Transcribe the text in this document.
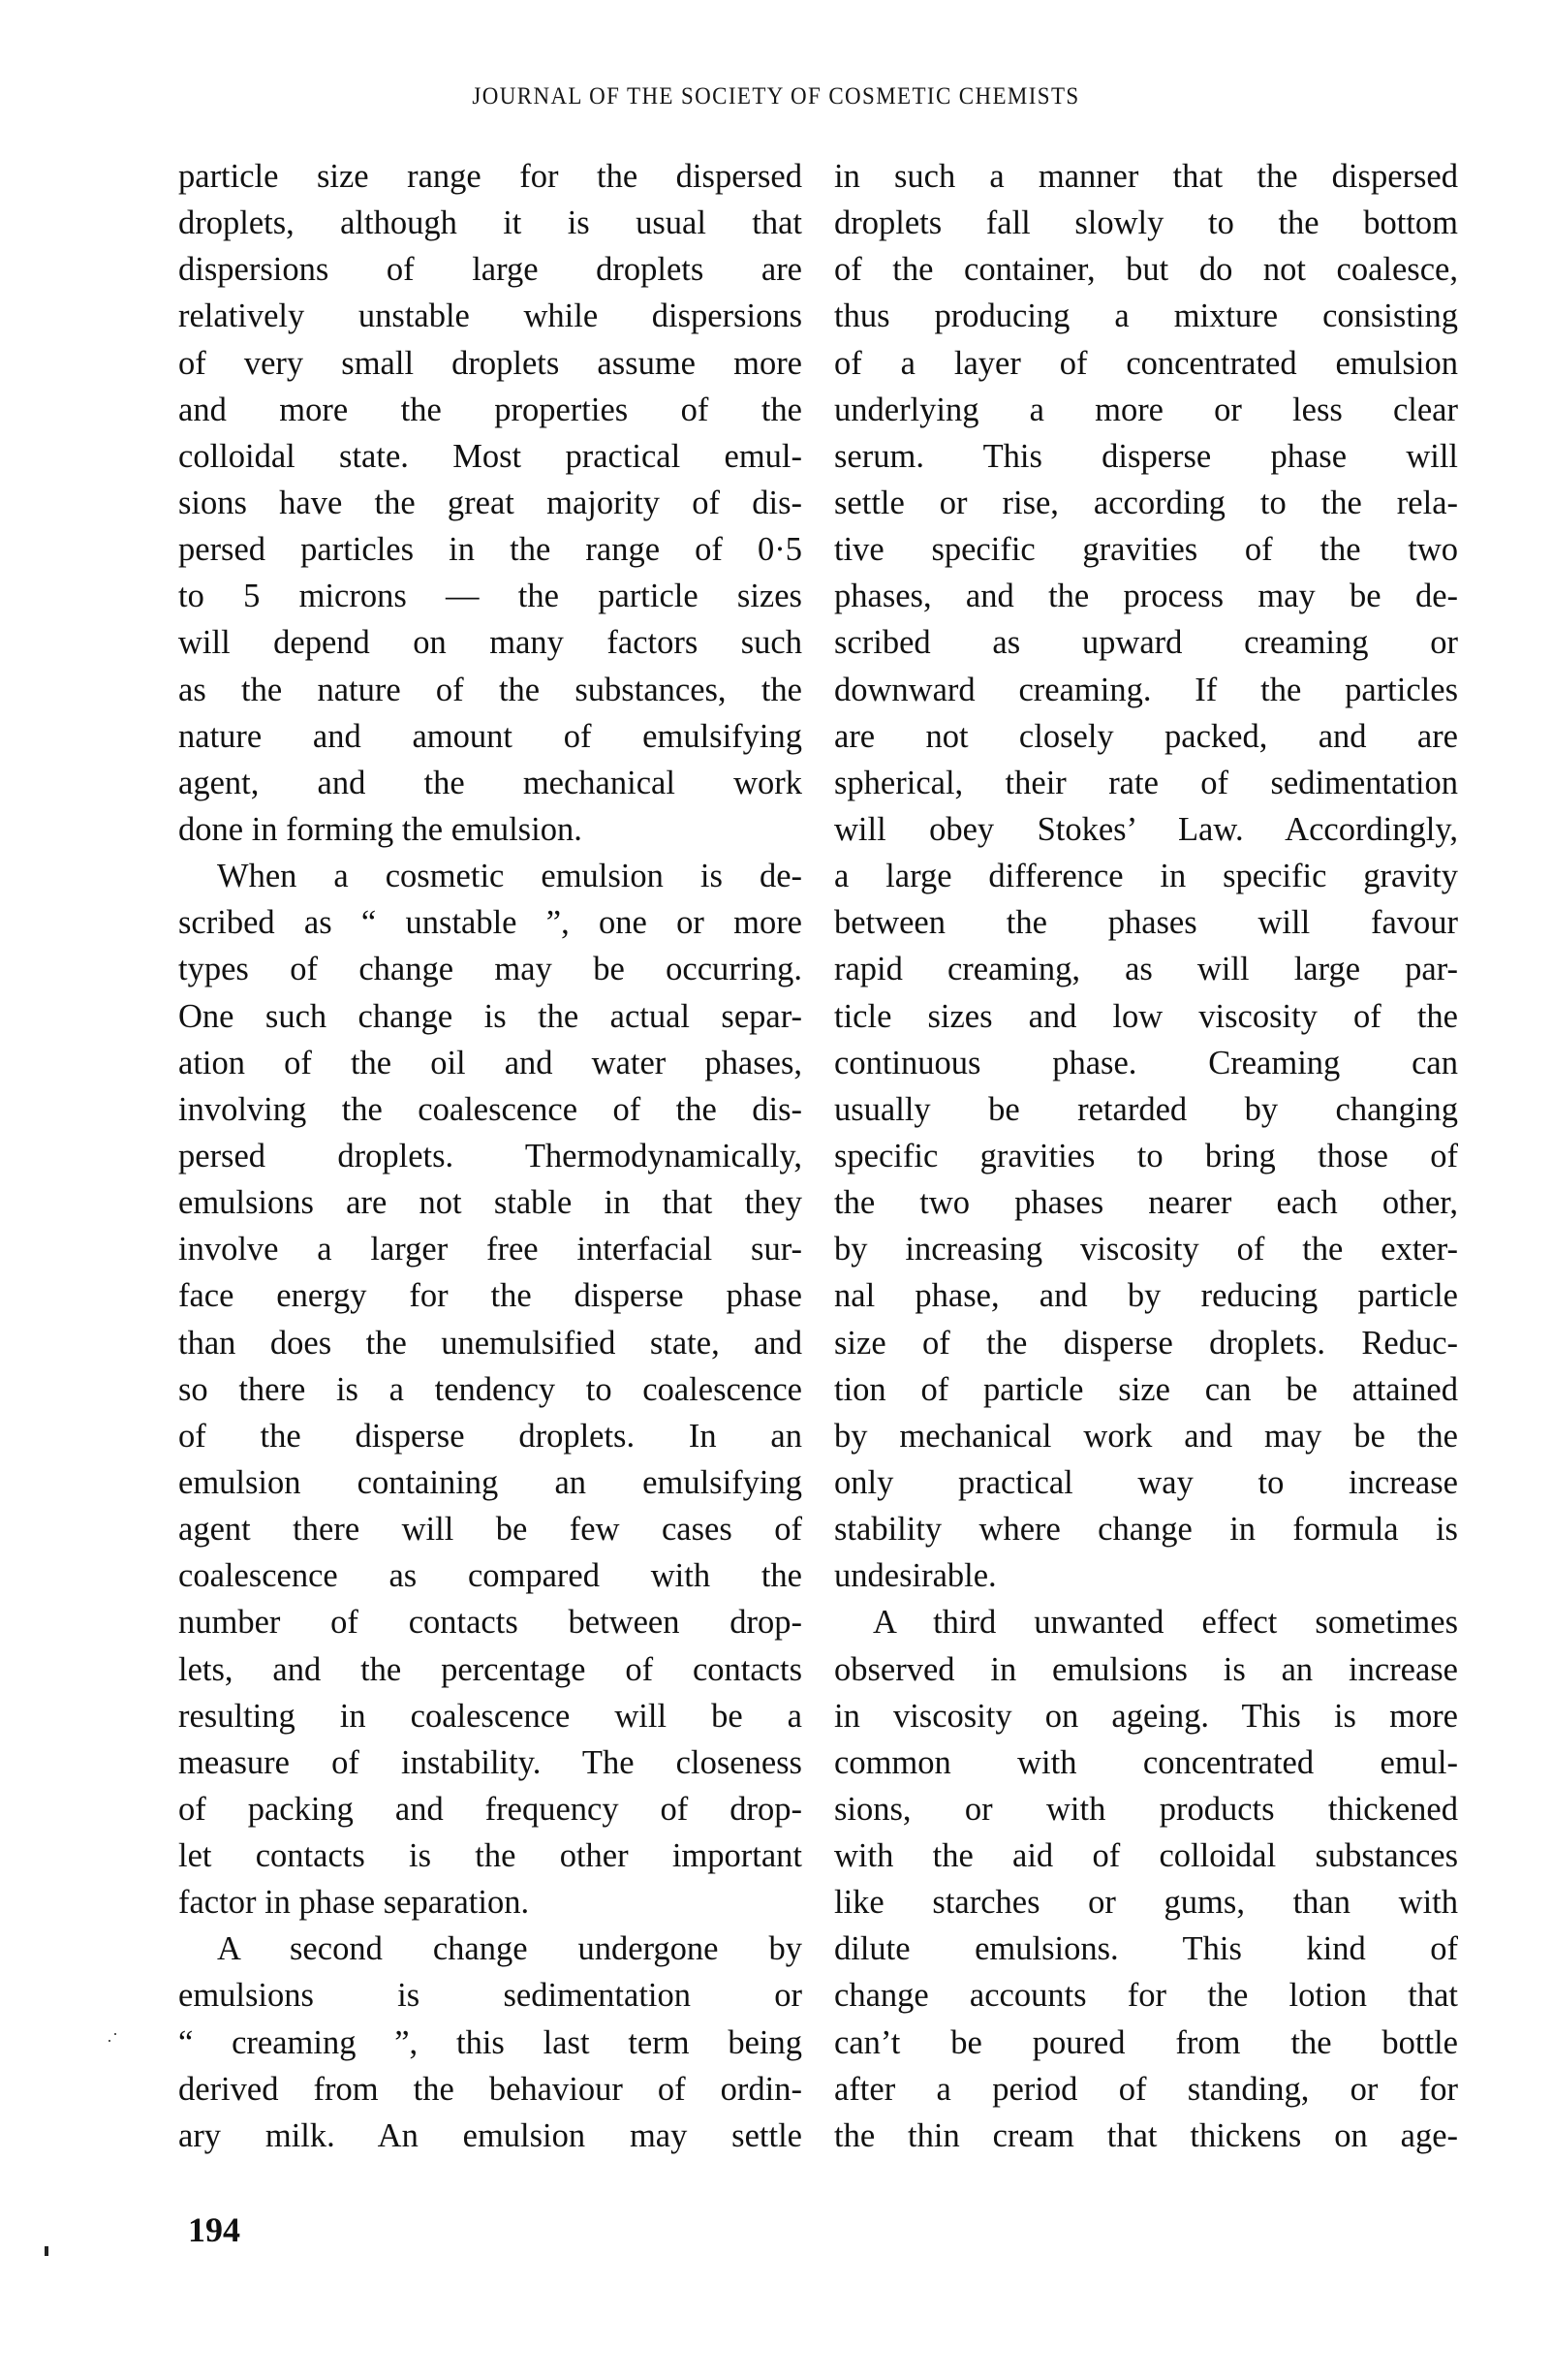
JOURNAL OF THE SOCIETY OF COSMETIC CHEMISTS
particle size range for the dispersed
droplets, although it is usual that
dispersions of large droplets are
relatively unstable while dispersions
of very small droplets assume more
and more the properties of the
colloidal state. Most practical emul-
sions have the great majority of dis-
persed particles in the range of 0·5
to 5 microns — the particle sizes
will depend on many factors such
as the nature of the substances, the
nature and amount of emulsifying
agent, and the mechanical work
done in forming the emulsion.
When a cosmetic emulsion is de-
scribed as “ unstable ”, one or more
types of change may be occurring.
One such change is the actual separ-
ation of the oil and water phases,
involving the coalescence of the dis-
persed droplets. Thermodynamically,
emulsions are not stable in that they
involve a larger free interfacial sur-
face energy for the disperse phase
than does the unemulsified state, and
so there is a tendency to coalescence
of the disperse droplets. In an
emulsion containing an emulsifying
agent there will be few cases of
coalescence as compared with the
number of contacts between drop-
lets, and the percentage of contacts
resulting in coalescence will be a
measure of instability. The closeness
of packing and frequency of drop-
let contacts is the other important
factor in phase separation.
A second change undergone by
emulsions is sedimentation or
“ creaming ”, this last term being
derived from the behaviour of ordin-
ary milk. An emulsion may settle
in such a manner that the dispersed
droplets fall slowly to the bottom
of the container, but do not coalesce,
thus producing a mixture consisting
of a layer of concentrated emulsion
underlying a more or less clear
serum. This disperse phase will
settle or rise, according to the rela-
tive specific gravities of the two
phases, and the process may be de-
scribed as upward creaming or
downward creaming. If the particles
are not closely packed, and are
spherical, their rate of sedimentation
will obey Stokes’ Law. Accordingly,
a large difference in specific gravity
between the phases will favour
rapid creaming, as will large par-
ticle sizes and low viscosity of the
continuous phase. Creaming can
usually be retarded by changing
specific gravities to bring those of
the two phases nearer each other,
by increasing viscosity of the exter-
nal phase, and by reducing particle
size of the disperse droplets. Reduc-
tion of particle size can be attained
by mechanical work and may be the
only practical way to increase
stability where change in formula is
undesirable.
A third unwanted effect sometimes
observed in emulsions is an increase
in viscosity on ageing. This is more
common with concentrated emul-
sions, or with products thickened
with the aid of colloidal substances
like starches or gums, than with
dilute emulsions. This kind of
change accounts for the lotion that
can’t be poured from the bottle
after a period of standing, or for
the thin cream that thickens on age-
194
